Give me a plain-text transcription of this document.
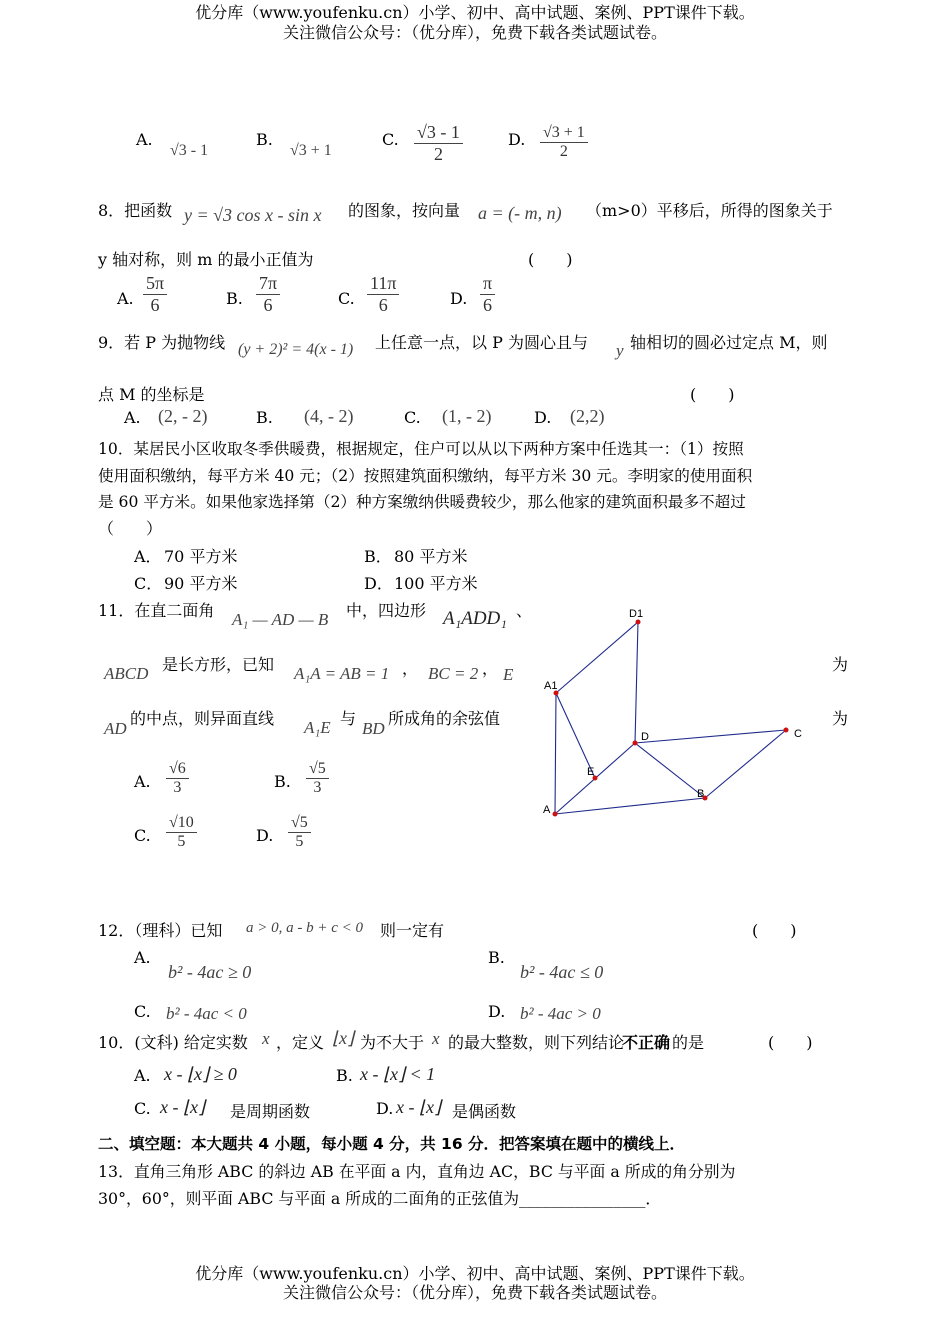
优分库（www.youfenku.cn）小学、初中、高中试题、案例、PPT课件下载。
关注微信公众号：（优分库），免费下载各类试题试卷。
A.
√3 - 1
B.
√3 + 1
C. $\frac{√3 - 1}{2}$	D. $\frac{√3 + 1}{2}$
8．把函数 y = √3 cos x - sin x 的图象，按向量 a = (- m, n) （m>0）平移后，所得的图象关于
y 轴对称，则 m 的最小正值为	(　　)
A. $\frac{5\pi}{6}$	B. $\frac{7\pi}{6}$	C. $\frac{11\pi}{6}$	D. $\frac{\pi}{6}$
9．若 P 为抛物线 (y + 2)² = 4(x - 1) 上任意一点，以 P 为圆心且与 y 轴相切的圆必过定点 M，则
点 M 的坐标是	(　　)
A. (2, - 2)	B. (4, - 2)	C. (1, - 2)	D. (2,2)
10．某居民小区收取冬季供暖费，根据规定，住户可以从以下两种方案中任选其一：（1）按照
使用面积缴纳，每平方米 40 元；（2）按照建筑面积缴纳，每平方米 30 元。李明家的使用面积
是 60 平方米。如果他家选择第（2）种方案缴纳供暖费较少，那么他家的建筑面积最多不超过
（　　）
A． 70 平方米	B． 80 平方米
C． 90 平方米	D． 100 平方米
11．在直二面角 A₁ — AD — B 中，四边形 A₁ADD₁ 、
ABCD 是长方形，已知 A₁A = AB = 1 ， BC = 2 ， E
为
AD
的中点，则异面直线 A₁E 与
BD
所成角的余弦值	为
A. $\frac{√6}{3}$	B. $\frac{√5}{3}$
C. $\frac{√10}{5}$	D. $\frac{√5}{5}$
D1
A1
D	C
E
B
A
12．（理科）已知 a > 0, a - b + c < 0 则一定有	(　　)
A.
b² - 4ac ≥ 0
B.
b² - 4ac ≤ 0
C. b² - 4ac < 0	D. b² - 4ac > 0
10．(文科) 给定实数 x ，定义 ⌊x⌋ 为不大于 x 的最大整数，则下列结论
不正确 的是	(　　)
A. x - ⌊x⌋ ≥ 0	B. x - ⌊x⌋ < 1
C. x - ⌊x⌋ 是周期函数	D. x - ⌊x⌋ 是偶函数
二、填空题：本大题共 4 小题，每小题 4 分，共 16 分．把答案填在题中的横线上．
13．直角三角形 ABC 的斜边 AB 在平面 a 内，直角边 AC，BC 与平面 a 所成的角分别为
30°，60°，则平面 ABC 与平面 a 所成的二面角的正弦值为________________．
优分库（www.youfenku.cn）小学、初中、高中试题、案例、PPT课件下载。
关注微信公众号：（优分库），免费下载各类试题试卷。
